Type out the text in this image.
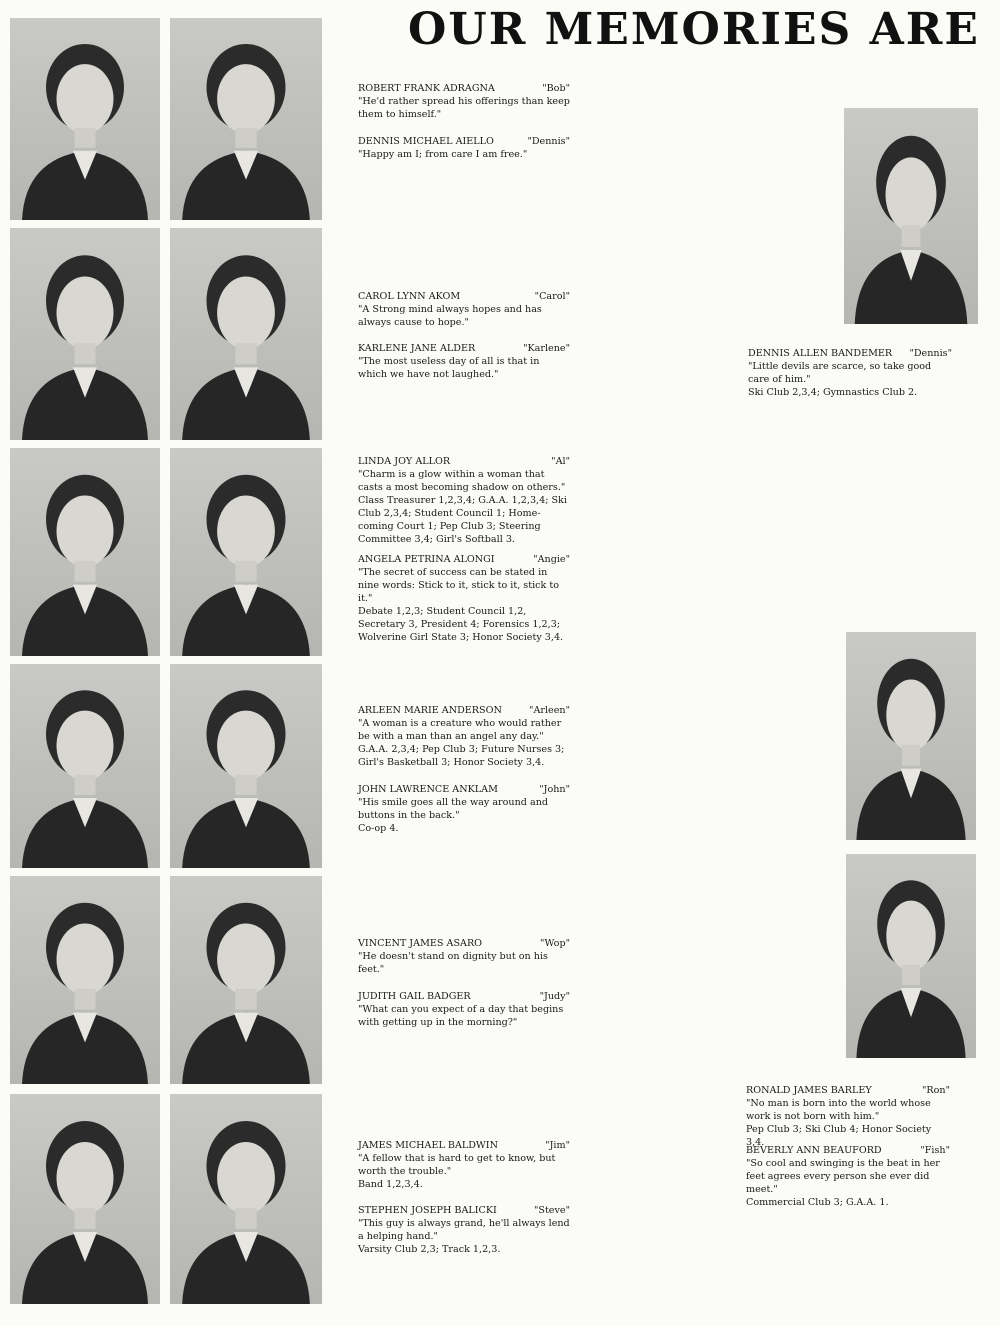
OUR MEMORIES ARE
ROBERT FRANK ADRAGNA	"Bob"
"He'd rather spread his offerings than keep them to himself."
DENNIS MICHAEL AIELLO	"Dennis"
"Happy am I; from care I am free."
CAROL LYNN AKOM	"Carol"
"A Strong mind always hopes and has always cause to hope."
KARLENE JANE ALDER	"Karlene"
"The most useless day of all is that in which we have not laughed."
LINDA JOY ALLOR	"Al"
"Charm is a glow within a woman that casts a most becoming shadow on others."
Class Treasurer 1,2,3,4; G.A.A. 1,2,3,4; Ski Club 2,3,4; Student Council 1; Home-coming Court 1; Pep Club 3; Steering Committee 3,4; Girl's Softball 3.
ANGELA PETRINA ALONGI	"Angie"
"The secret of success can be stated in nine words: Stick to it, stick to it, stick to it."
Debate 1,2,3; Student Council 1,2, Secretary 3, President 4; Forensics 1,2,3; Wolverine Girl State 3; Honor Society 3,4.
ARLEEN MARIE ANDERSON	"Arleen"
"A woman is a creature who would rather be with a man than an angel any day."
G.A.A. 2,3,4; Pep Club 3; Future Nurses 3; Girl's Basketball 3; Honor Society 3,4.
JOHN LAWRENCE ANKLAM	"John"
"His smile goes all the way around and buttons in the back."
Co-op 4.
VINCENT JAMES ASARO	"Wop"
"He doesn't stand on dignity but on his feet."
JUDITH GAIL BADGER	"Judy"
"What can you expect of a day that begins with getting up in the morning?"
JAMES MICHAEL BALDWIN	"Jim"
"A fellow that is hard to get to know, but worth the trouble."
Band 1,2,3,4.
STEPHEN JOSEPH BALICKI	"Steve"
"This guy is always grand, he'll always lend a helping hand."
Varsity Club 2,3; Track 1,2,3.
DENNIS ALLEN BANDEMER "Dennis"
"Little devils are scarce, so take good care of him."
Ski Club 2,3,4; Gymnastics Club 2.
RONALD JAMES BARLEY	"Ron"
"No man is born into the world whose work is not born with him."
Pep Club 3; Ski Club 4; Honor Society 3,4.
BEVERLY ANN BEAUFORD	"Fish"
"So cool and swinging is the beat in her feet agrees every person she ever did meet."
Commercial Club 3; G.A.A. 1.
